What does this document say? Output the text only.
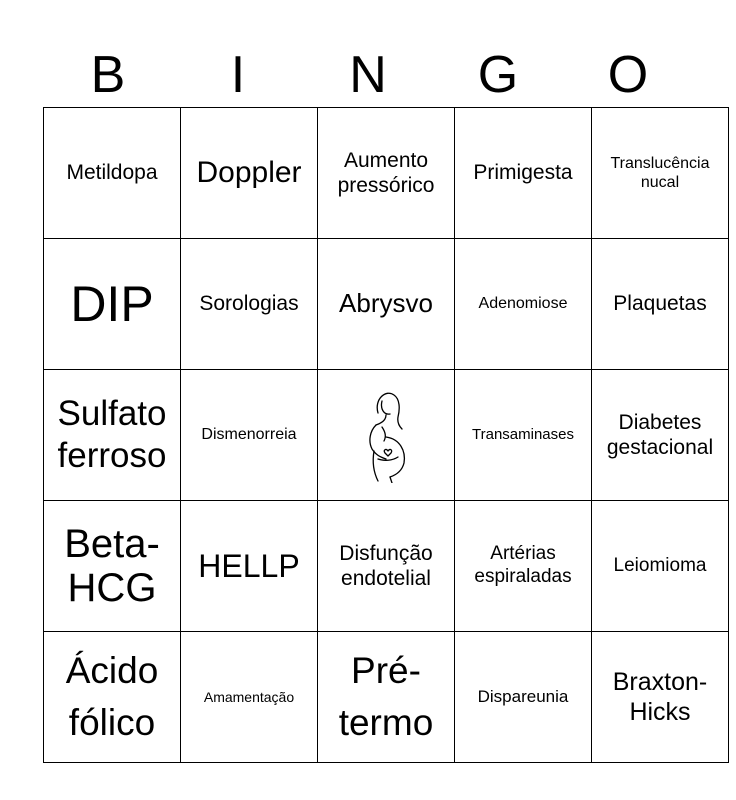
B	I	N	G	O
Metildopa	Doppler	Aumento pressórico	Primigesta	Translucência nucal
DIP	Sorologias	Abrysvo	Adenomiose	Plaquetas
Sulfato ferroso	Dismenorreia		Transaminases	Diabetes gestacional
Beta-HCG	HELLP	Disfunção endotelial	Artérias espiraladas	Leiomioma
Ácido fólico	Amamentação	Pré-termo	Dispareunia	Braxton-Hicks
